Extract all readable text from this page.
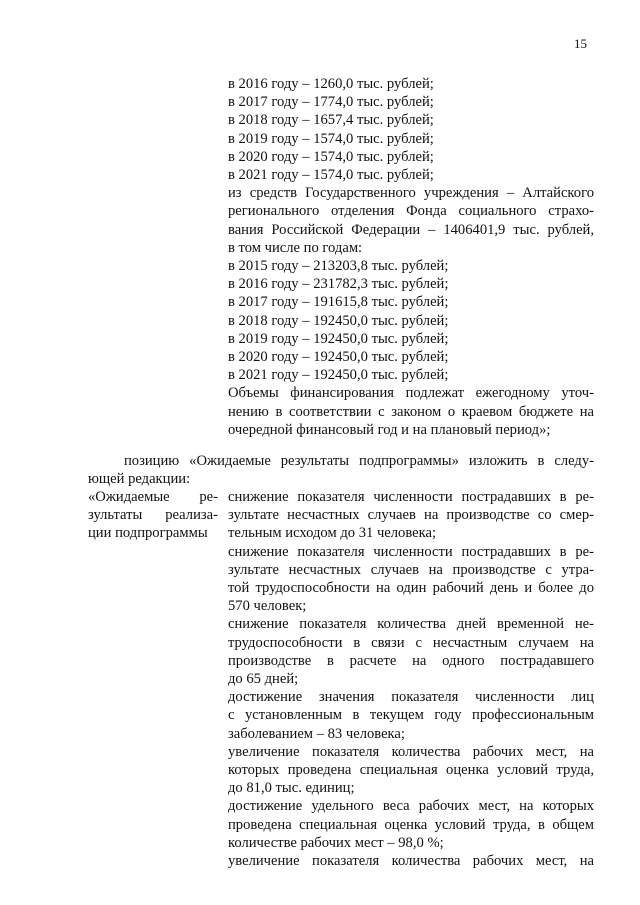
15
в 2016 году – 1260,0 тыс. рублей;
в 2017 году – 1774,0 тыс. рублей;
в 2018 году – 1657,4 тыс. рублей;
в 2019 году – 1574,0 тыс. рублей;
в 2020 году – 1574,0 тыс. рублей;
в 2021 году – 1574,0 тыс. рублей;
из средств Государственного учреждения – Алтайского
регионального отделения Фонда социального страхо-
вания Российской Федерации – 1406401,9 тыс. рублей,
в том числе по годам:
в 2015 году – 213203,8 тыс. рублей;
в 2016 году – 231782,3 тыс. рублей;
в 2017 году – 191615,8 тыс. рублей;
в 2018 году – 192450,0 тыс. рублей;
в 2019 году – 192450,0 тыс. рублей;
в 2020 году – 192450,0 тыс. рублей;
в 2021 году – 192450,0 тыс. рублей;
Объемы финансирования подлежат ежегодному уточ-
нению в соответствии с законом о краевом бюджете на
очередной финансовый год и на плановый период»;
позицию «Ожидаемые результаты подпрограммы» изложить в следу-
ющей редакции:
«Ожидаемые ре-
зультаты реализа-
ции подпрограммы
снижение показателя численности пострадавших в ре-
зультате несчастных случаев на производстве со смер-
тельным исходом до 31 человека;
снижение показателя численности пострадавших в ре-
зультате несчастных случаев на производстве с утра-
той трудоспособности на один рабочий день и более до
570 человек;
снижение показателя количества дней временной не-
трудоспособности в связи с несчастным случаем на
производстве в расчете на одного пострадавшего
до 65 дней;
достижение значения показателя численности лиц
с установленным в текущем году профессиональным
заболеванием – 83 человека;
увеличение показателя количества рабочих мест, на
которых проведена специальная оценка условий труда,
до 81,0 тыс. единиц;
достижение удельного веса рабочих мест, на которых
проведена специальная оценка условий труда, в общем
количестве рабочих мест – 98,0 %;
увеличение показателя количества рабочих мест, на
